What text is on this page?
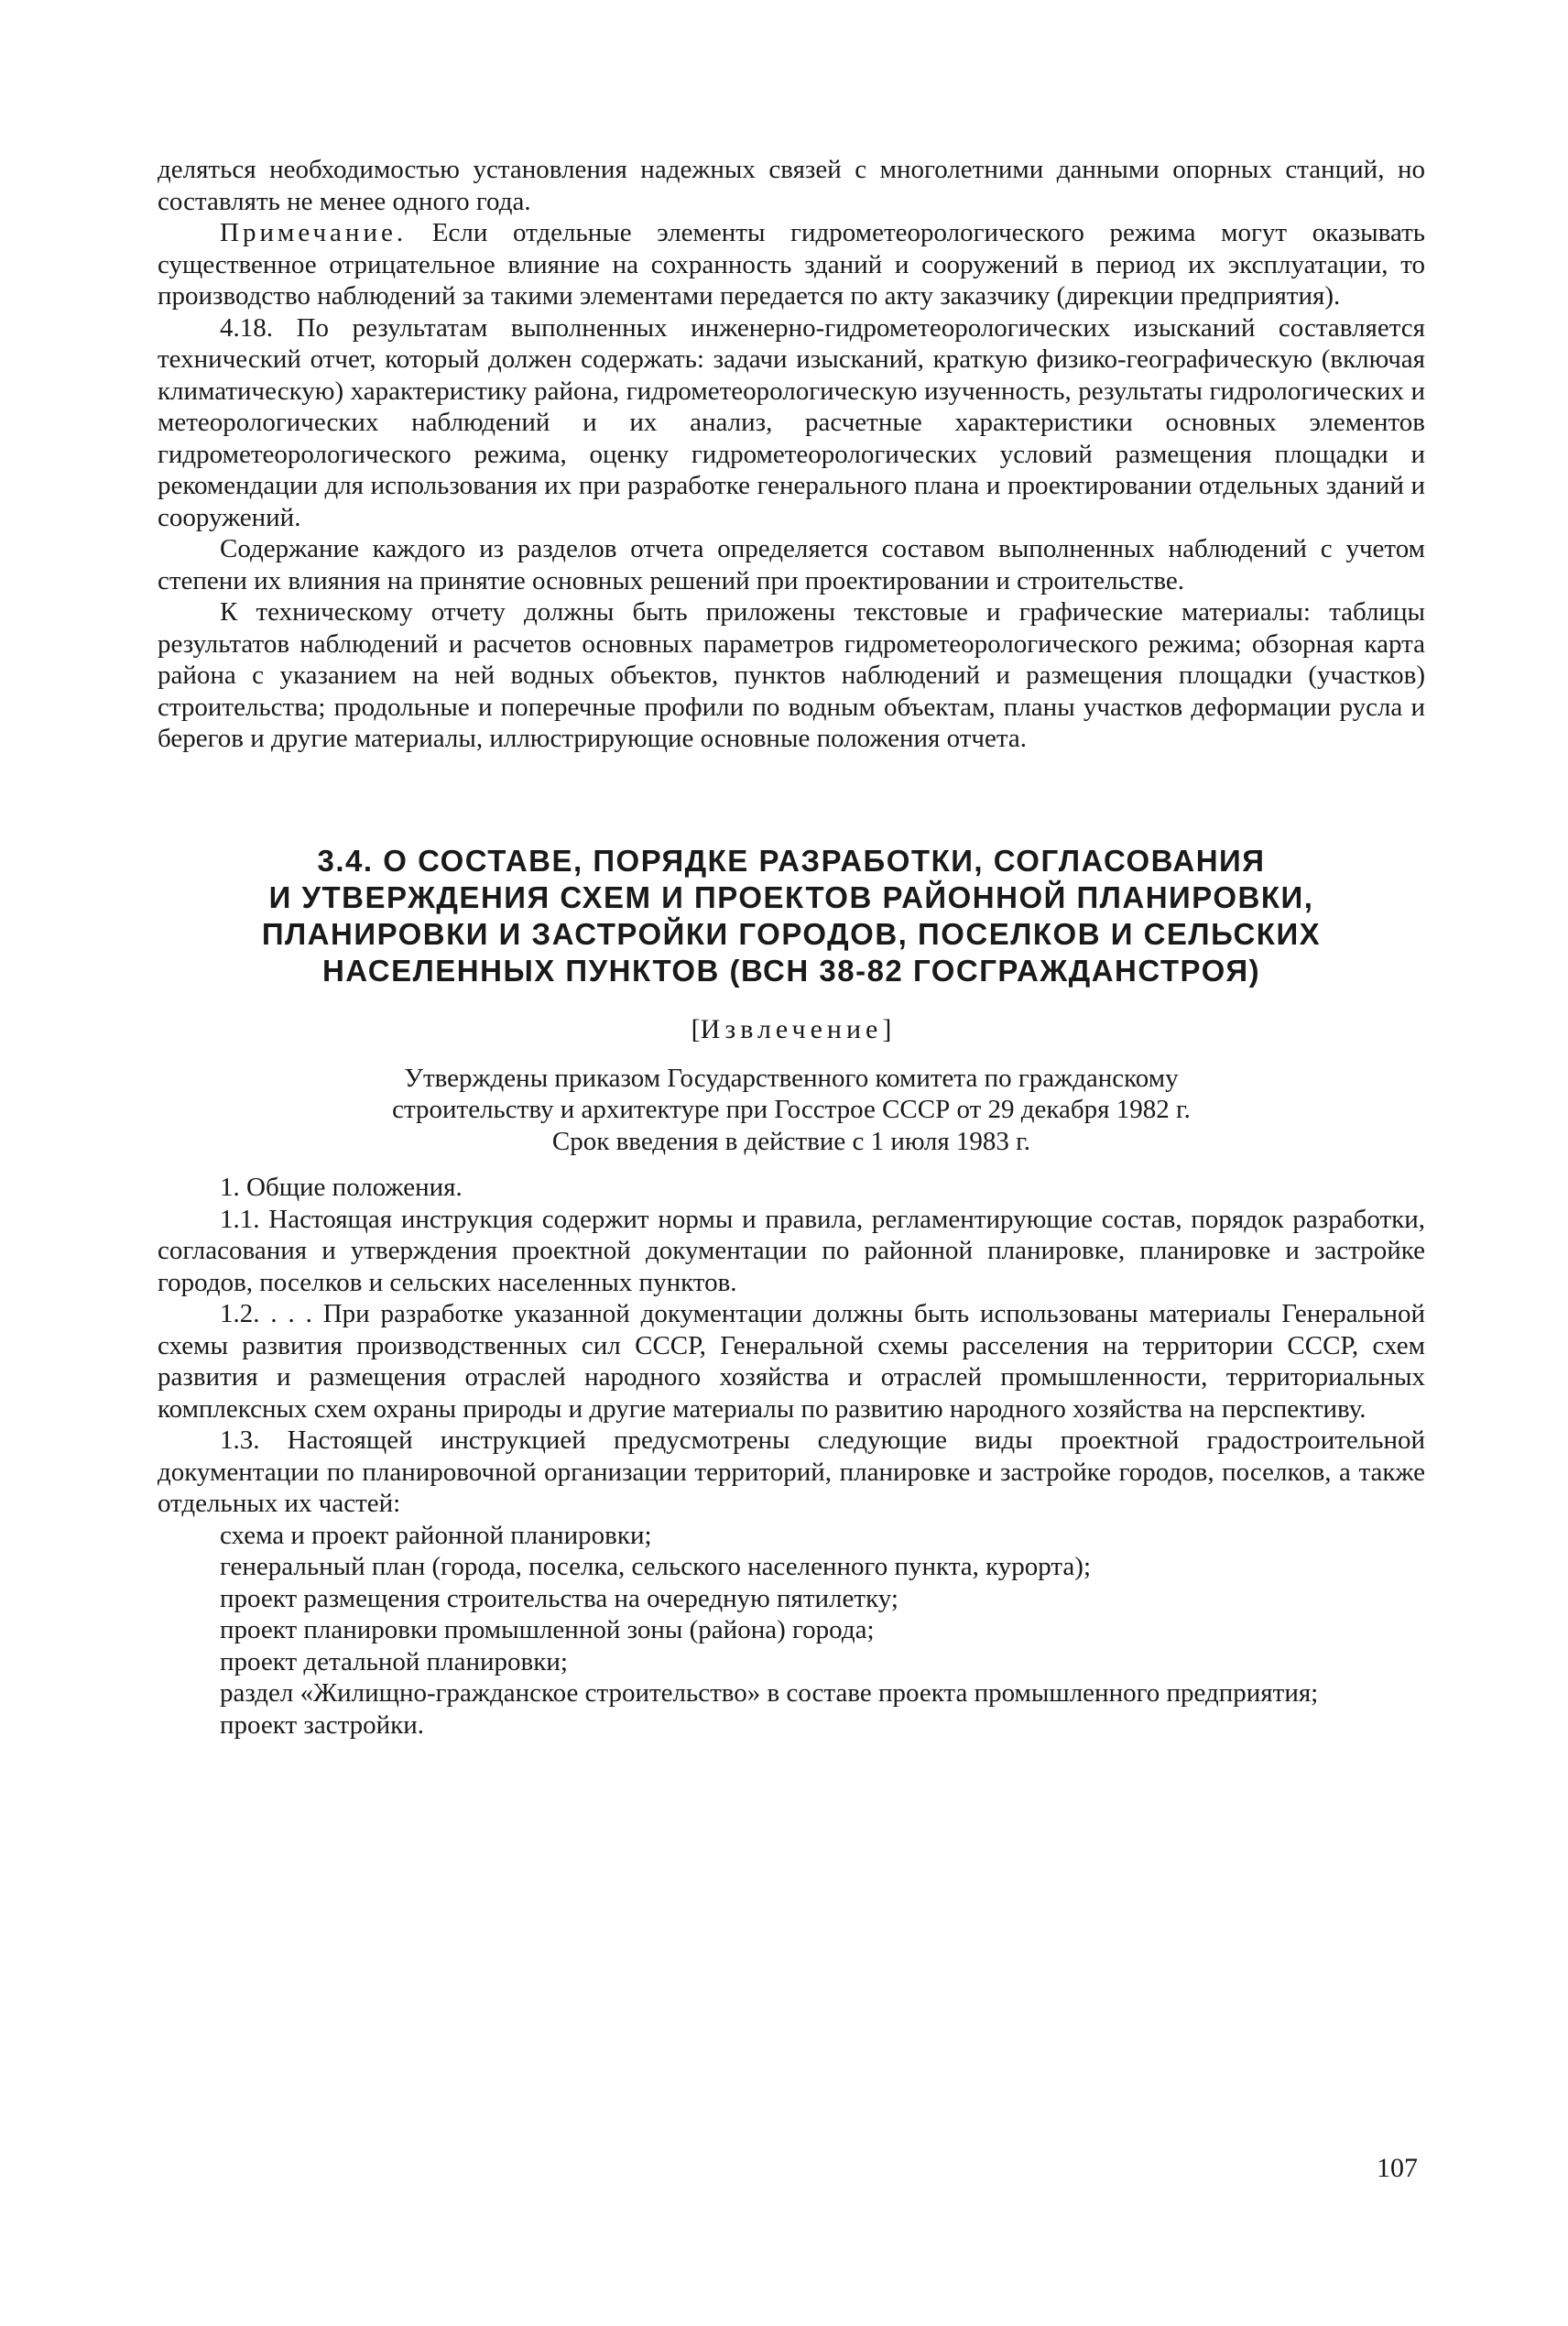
деляться необходимостью установления надежных связей с многолетними данными опорных станций, но составлять не менее одного года.

Примечание. Если отдельные элементы гидрометеорологического режима могут оказывать существенное отрицательное влияние на сохранность зданий и сооружений в период их эксплуатации, то производство наблюдений за такими элементами передается по акту заказчику (дирекции предприятия).

4.18. По результатам выполненных инженерно-гидрометеорологических изысканий составляется технический отчет, который должен содержать: задачи изысканий, краткую физико-географическую (включая климатическую) характеристику района, гидрометеорологическую изученность, результаты гидрологических и метеорологических наблюдений и их анализ, расчетные характеристики основных элементов гидрометеорологического режима, оценку гидрометеорологических условий размещения площадки и рекомендации для использования их при разработке генерального плана и проектировании отдельных зданий и сооружений.

Содержание каждого из разделов отчета определяется составом выполненных наблюдений с учетом степени их влияния на принятие основных решений при проектировании и строительстве.

К техническому отчету должны быть приложены текстовые и графические материалы: таблицы результатов наблюдений и расчетов основных параметров гидрометеорологического режима; обзорная карта района с указанием на ней водных объектов, пунктов наблюдений и размещения площадки (участков) строительства; продольные и поперечные профили по водным объектам, планы участков деформации русла и берегов и другие материалы, иллюстрирующие основные положения отчета.

3.4. О СОСТАВЕ, ПОРЯДКЕ РАЗРАБОТКИ, СОГЛАСОВАНИЯ
И УТВЕРЖДЕНИЯ СХЕМ И ПРОЕКТОВ РАЙОННОЙ ПЛАНИРОВКИ,
ПЛАНИРОВКИ И ЗАСТРОЙКИ ГОРОДОВ, ПОСЕЛКОВ И СЕЛЬСКИХ
НАСЕЛЕННЫХ ПУНКТОВ (ВСН 38-82 ГОСГРАЖДАНСТРОЯ)
[Извлечение]
Утверждены приказом Государственного комитета по гражданскому
строительству и архитектуре при Госстрое СССР от 29 декабря 1982 г.
Срок введения в действие с 1 июля 1983 г.

1. Общие положения.

1.1. Настоящая инструкция содержит нормы и правила, регламентирующие состав, порядок разработки, согласования и утверждения проектной документации по районной планировке, планировке и застройке городов, поселков и сельских населенных пунктов.

1.2. . . . При разработке указанной документации должны быть использованы материалы Генеральной схемы развития производственных сил СССР, Генеральной схемы расселения на территории СССР, схем развития и размещения отраслей народного хозяйства и отраслей промышленности, территориальных комплексных схем охраны природы и другие материалы по развитию народного хозяйства на перспективу.

1.3. Настоящей инструкцией предусмотрены следующие виды проектной градостроительной документации по планировочной организации территорий, планировке и застройке городов, поселков, а также отдельных их частей:

схема и проект районной планировки;

генеральный план (города, поселка, сельского населенного пункта, курорта);

проект размещения строительства на очередную пятилетку;

проект планировки промышленной зоны (района) города;

проект детальной планировки;

раздел «Жилищно-гражданское строительство» в составе проекта промышленного предприятия;

проект застройки.

107
